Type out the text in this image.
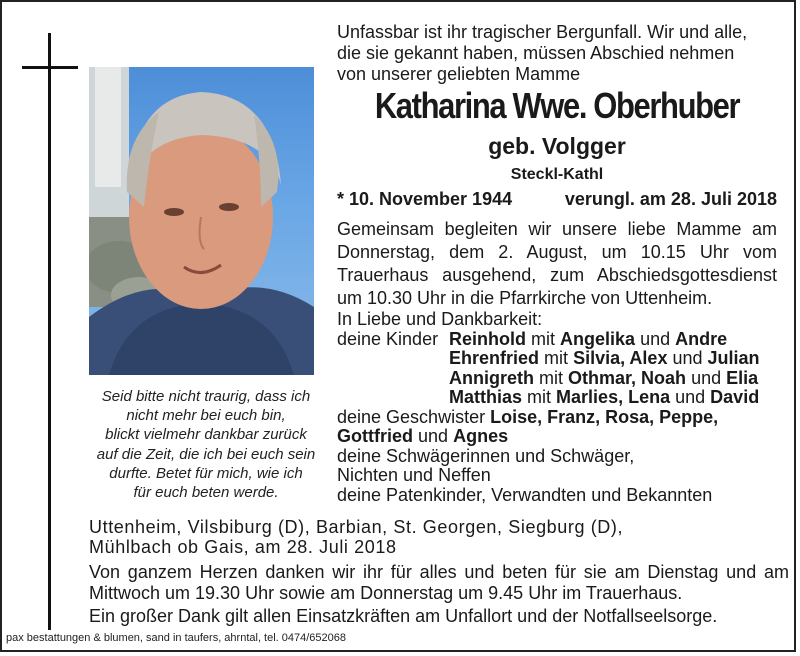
Seid bitte nicht traurig, dass ich
nicht mehr bei euch bin,
blickt vielmehr dankbar zurück
auf die Zeit, die ich bei euch sein
durfte. Betet für mich, wie ich
für euch beten werde.
Unfassbar ist ihr tragischer Bergunfall. Wir und alle,
die sie gekannt haben, müssen Abschied nehmen
von unserer geliebten Mamme
Katharina Wwe. Oberhuber
geb. Volgger
Steckl-Kathl
* 10. November 1944	verungl. am 28. Juli 2018
Gemeinsam begleiten wir unsere liebe Mamme am Donnerstag, dem 2. August, um 10.15 Uhr vom Trauerhaus ausgehend, zum Abschiedsgottesdienst um 10.30 Uhr in die Pfarrkirche von Uttenheim.
In Liebe und Dankbarkeit:
deine Kinder Reinhold mit Angelika und Andre
Ehrenfried mit Silvia, Alex und Julian
Annigreth mit Othmar, Noah und Elia
Matthias mit Marlies, Lena und David
deine Geschwister Loise, Franz, Rosa, Peppe,
Gottfried und Agnes
deine Schwägerinnen und Schwäger,
Nichten und Neffen
deine Patenkinder, Verwandten und Bekannten
Uttenheim, Vilsbiburg (D), Barbian, St. Georgen, Siegburg (D),
Mühlbach ob Gais, am 28. Juli 2018
Von ganzem Herzen danken wir ihr für alles und beten für sie am Dienstag und am Mittwoch um 19.30 Uhr sowie am Donnerstag um 9.45 Uhr im Trauerhaus.
Ein großer Dank gilt allen Einsatzkräften am Unfallort und der Notfallseelsorge.
pax bestattungen & blumen, sand in taufers, ahrntal, tel. 0474/652068
